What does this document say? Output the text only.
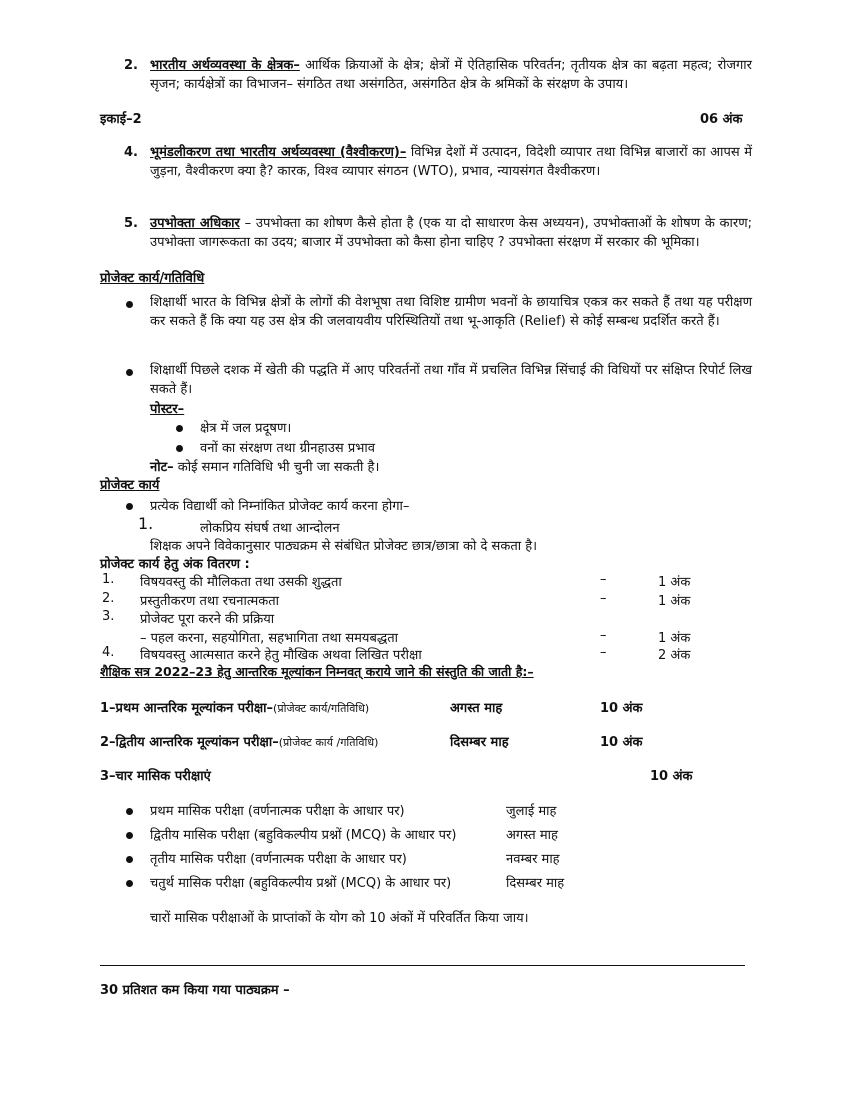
2. भारतीय अर्थव्यवस्था के क्षेत्रक– आर्थिक क्रियाओं के क्षेत्र; क्षेत्रों में ऐतिहासिक परिवर्तन; तृतीयक क्षेत्र का बढ़ता महत्व; रोजगार सृजन; कार्यक्षेत्रों का विभाजन– संगठित तथा असंगठित, असंगठित क्षेत्र के श्रमिकों के संरक्षण के उपाय।
इकाई–2	06 अंक
4. भूमंडलीकरण तथा भारतीय अर्थव्यवस्था (वैश्वीकरण)– विभिन्न देशों में उत्पादन, विदेशी व्यापार तथा विभिन्न बाजारों का आपस में जुड़ना, वैश्वीकरण क्या है? कारक, विश्व व्यापार संगठन (WTO), प्रभाव, न्यायसंगत वैश्वीकरण।
5. उपभोक्ता अधिकार – उपभोक्ता का शोषण कैसे होता है (एक या दो साधारण केस अध्ययन), उपभोक्ताओं के शोषण के कारण; उपभोक्ता जागरूकता का उदय; बाजार में उपभोक्ता को कैसा होना चाहिए ? उपभोक्ता संरक्षण में सरकार की भूमिका।
प्रोजेक्ट कार्य/गतिविधि
शिक्षार्थी भारत के विभिन्न क्षेत्रों के लोगों की वेशभूषा तथा विशिष्ट ग्रामीण भवनों के छायाचित्र एकत्र कर सकते हैं तथा यह परीक्षण कर सकते हैं कि क्या यह उस क्षेत्र की जलवायवीय परिस्थितियों तथा भू-आकृति (Relief) से कोई सम्बन्ध प्रदर्शित करते हैं।
शिक्षार्थी पिछले दशक में खेती की पद्धति में आए परिवर्तनों तथा गाँव में प्रचलित विभिन्न सिंचाई की विधियों पर संक्षिप्त रिपोर्ट लिख सकते हैं।
पोस्टर–
क्षेत्र में जल प्रदूषण।
वनों का संरक्षण तथा ग्रीनहाउस प्रभाव
नोट– कोई समान गतिविधि भी चुनी जा सकती है।
प्रोजेक्ट कार्य
प्रत्येक विद्यार्थी को निम्नांकित प्रोजेक्ट कार्य करना होगा–
1.	लोकप्रिय संघर्ष तथा आन्दोलन
शिक्षक अपने विवेकानुसार पाठ्यक्रम से संबंधित प्रोजेक्ट छात्र/छात्रा को दे सकता है।
प्रोजेक्ट कार्य हेतु अंक वितरण :
1. विषयवस्तु की मौलिकता तथा उसकी शुद्धता	–	1 अंक
2. प्रस्तुतीकरण तथा रचनात्मकता	–	1 अंक
3. प्रोजेक्ट पूरा करने की प्रक्रिया
– पहल करना, सहयोगिता, सहभागिता तथा समयबद्धता	–	1 अंक
4. विषयवस्तु आत्मसात करने हेतु मौखिक अथवा लिखित परीक्षा	–	2 अंक
शैक्षिक सत्र 2022–23 हेतु आन्तरिक मूल्यांकन निम्नवत् कराये जाने की संस्तुति की जाती है:–
1–प्रथम आन्तरिक मूल्यांकन परीक्षा–(प्रोजेक्ट कार्य/गतिविधि)	अगस्त माह	10 अंक
2–द्वितीय आन्तरिक मूल्यांकन परीक्षा–(प्रोजेक्ट कार्य /गतिविधि)	दिसम्बर माह	10 अंक
3–चार मासिक परीक्षाएं	10 अंक
प्रथम मासिक परीक्षा (वर्णनात्मक परीक्षा के आधार पर)	जुलाई माह
द्वितीय मासिक परीक्षा (बहुविकल्पीय प्रश्नों (MCQ) के आधार पर)	अगस्त माह
तृतीय मासिक परीक्षा (वर्णनात्मक परीक्षा के आधार पर)	नवम्बर माह
चतुर्थ मासिक परीक्षा (बहुविकल्पीय प्रश्नों (MCQ) के आधार पर)	दिसम्बर माह
चारों मासिक परीक्षाओं के प्राप्तांकों के योग को 10 अंकों में परिवर्तित किया जाय।
30 प्रतिशत कम किया गया पाठ्यक्रम –
